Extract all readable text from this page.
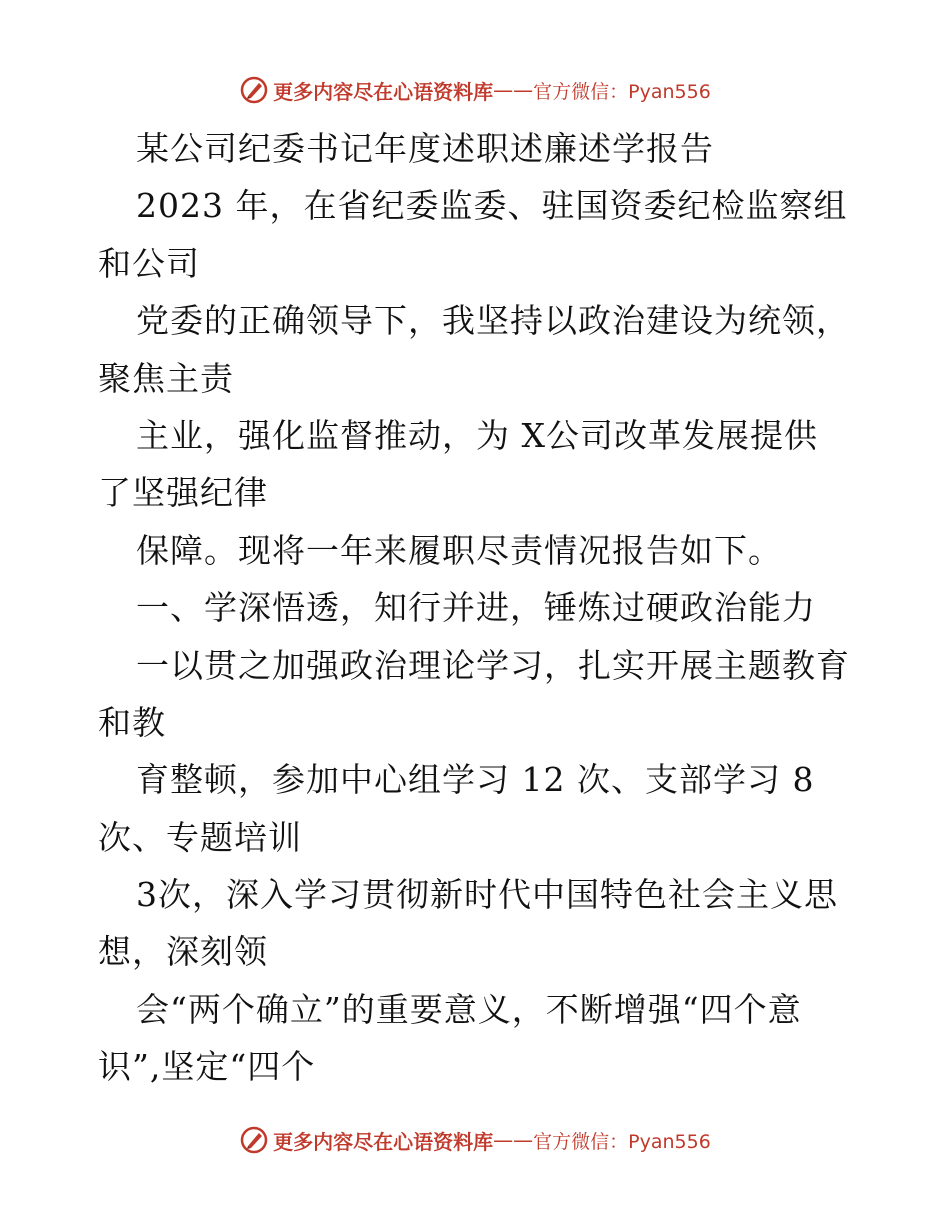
更多内容尽在心语资料库 —— 官方微信：Pyan556
某公司纪委书记年度述职述廉述学报告
2023 年，在省纪委监委、驻国资委纪检监察组
和公司
党委的正确领导下，我坚持以政治建设为统领，
聚焦主责
主业，强化监督推动，为 X公司改革发展提供
了坚强纪律
保障。现将一年来履职尽责情况报告如下。
一、学深悟透，知行并进，锤炼过硬政治能力
一以贯之加强政治理论学习，扎实开展主题教育
和教
育整顿，参加中心组学习 12 次、支部学习 8
次、专题培训
3次，深入学习贯彻新时代中国特色社会主义思
想，深刻领
会“两个确立”的重要意义，不断增强“四个意
识”,坚定“四个
更多内容尽在心语资料库 —— 官方微信：Pyan556
